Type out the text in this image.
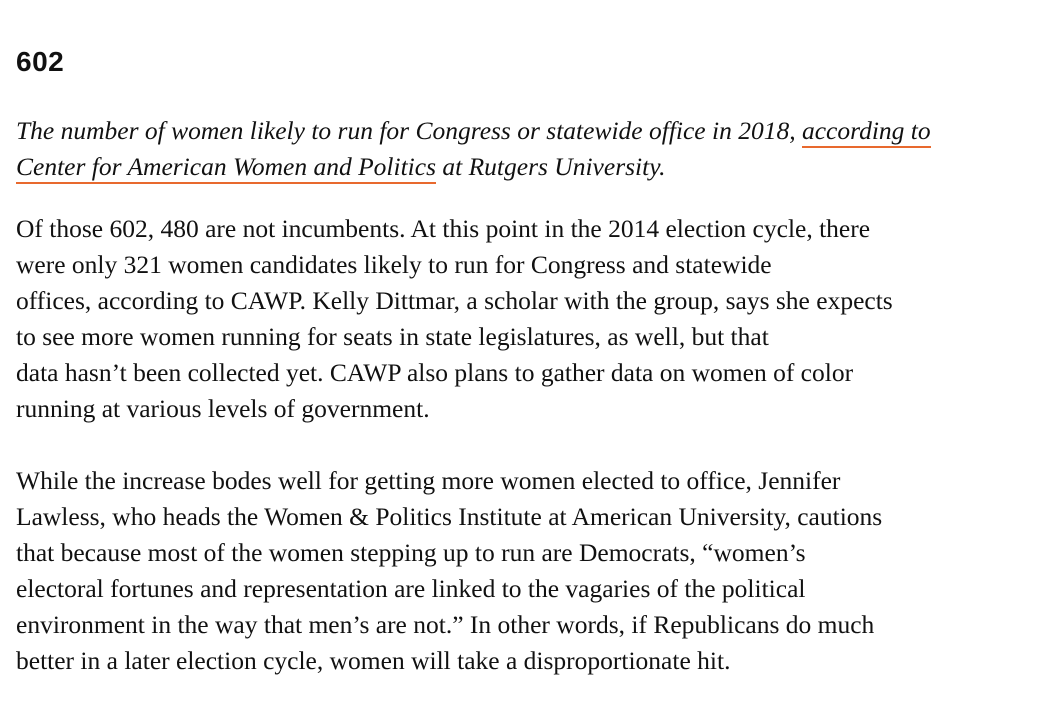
602

The number of women likely to run for Congress or statewide office in 2018, according to
Center for American Women and Politics at Rutgers University.

Of those 602, 480 are not incumbents. At this point in the 2014 election cycle, there
were only 321 women candidates likely to run for Congress and statewide
offices, according to CAWP. Kelly Dittmar, a scholar with the group, says she expects
to see more women running for seats in state legislatures, as well, but that
data hasn’t been collected yet. CAWP also plans to gather data on women of color
running at various levels of government.

While the increase bodes well for getting more women elected to office, Jennifer
Lawless, who heads the Women & Politics Institute at American University, cautions
that because most of the women stepping up to run are Democrats, “women’s
electoral fortunes and representation are linked to the vagaries of the political
environment in the way that men’s are not.” In other words, if Republicans do much
better in a later election cycle, women will take a disproportionate hit.
